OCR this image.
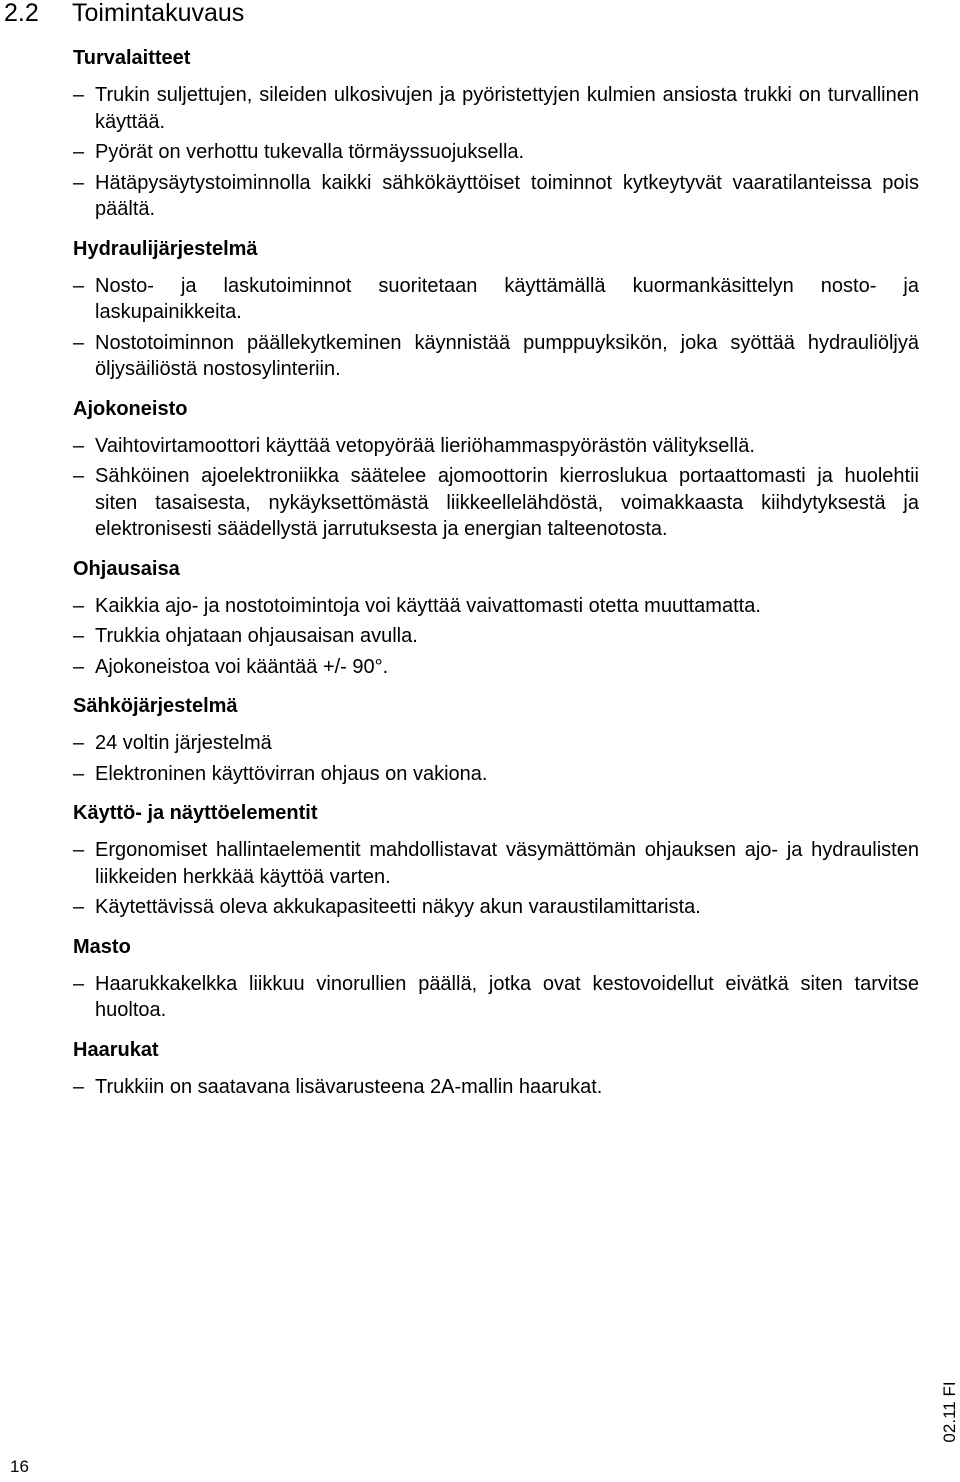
2.2 Toimintakuvaus
Turvalaitteet
– Trukin suljettujen, sileiden ulkosivujen ja pyöristettyjen kulmien ansiosta trukki on turvallinen käyttää.
– Pyörät on verhottu tukevalla törmäyssuojuksella.
– Hätäpysäytystoiminnolla kaikki sähkökäyttöiset toiminnot kytkeytyvät vaaratilanteissa pois päältä.
Hydraulijärjestelmä
– Nosto- ja laskutoiminnot suoritetaan käyttämällä kuormankäsittelyn nosto- ja laskupainikkeita.
– Nostotoiminnon päällekytkeminen käynnistää pumppuyksikön, joka syöttää hydrauliöljyä öljysäiliöstä nostosylinteriin.
Ajokoneisto
– Vaihtovirtamoottori käyttää vetopyörää lieriöhammaspyörästön välityksellä.
– Sähköinen ajoelektroniikka säätelee ajomoottorin kierroslukua portaattomasti ja huolehtii siten tasaisesta, nykäyksettömästä liikkeellelähdöstä, voimakkaasta kiihdytyksestä ja elektronisesti säädellystä jarrutuksesta ja energian talteenotosta.
Ohjausaisa
– Kaikkia ajo- ja nostotoimintoja voi käyttää vaivattomasti otetta muuttamatta.
– Trukkia ohjataan ohjausaisan avulla.
– Ajokoneistoa voi kääntää +/- 90°.
Sähköjärjestelmä
– 24 voltin järjestelmä
– Elektroninen käyttövirran ohjaus on vakiona.
Käyttö- ja näyttöelementit
– Ergonomiset hallintaelementit mahdollistavat väsymättömän ohjauksen ajo- ja hydraulisten liikkeiden herkkää käyttöä varten.
– Käytettävissä oleva akkukapasiteetti näkyy akun varaustilamittarista.
Masto
– Haarukkakelkka liikkuu vinorullien päällä, jotka ovat kestovoidellut eivätkä siten tarvitse huoltoa.
Haarukat
– Trukkiin on saatavana lisävarusteena 2A-mallin haarukat.
02.11 FI
16
